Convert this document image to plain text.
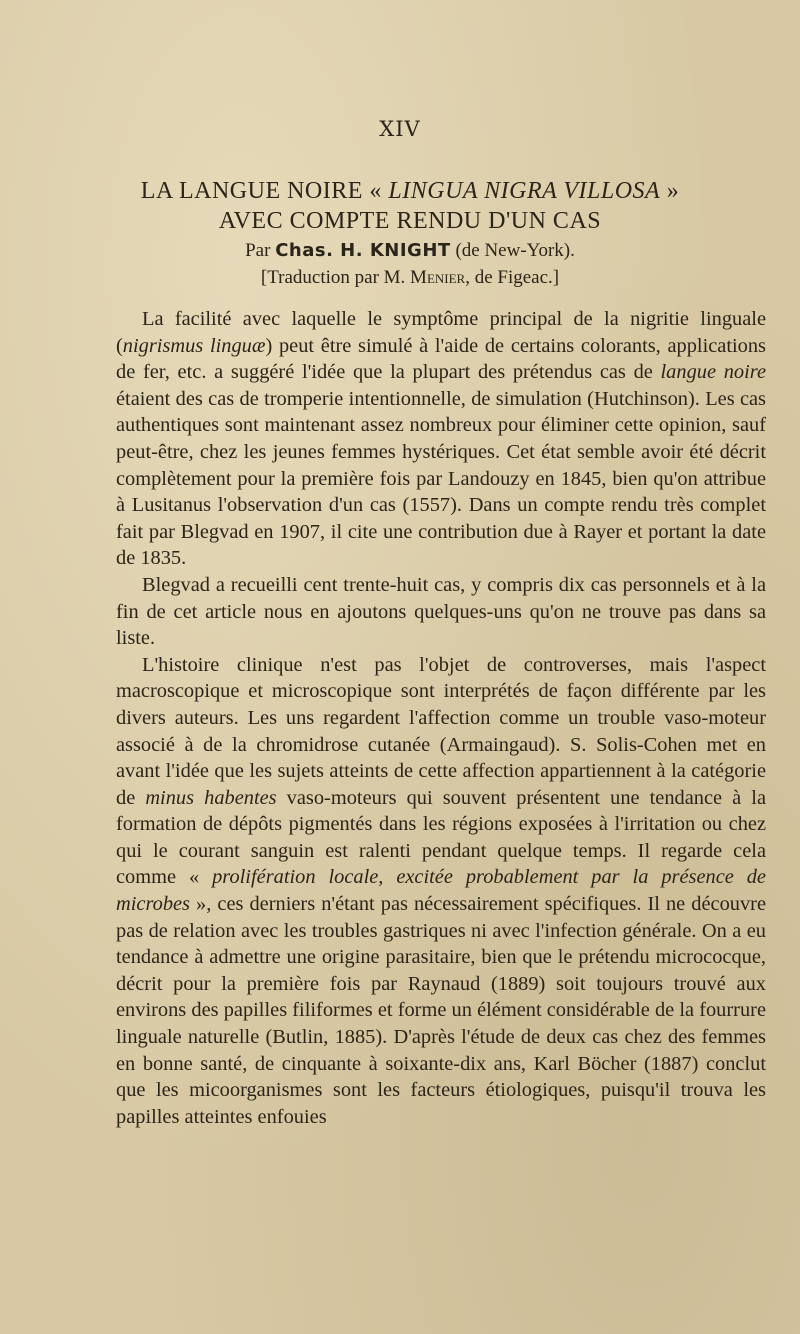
XIV
LA LANGUE NOIRE « LINGUA NIGRA VILLOSA »
AVEC COMPTE RENDU D'UN CAS
Par Chas. H. KNIGHT (de New-York).
[Traduction par M. Menier, de Figeac.]

La facilité avec laquelle le symptôme principal de la nigritie linguale (nigrismus linguæ) peut être simulé à l'aide de certains colorants, applications de fer, etc. a suggéré l'idée que la plupart des prétendus cas de langue noire étaient des cas de tromperie intentionnelle, de simulation (Hutchinson). Les cas authentiques sont maintenant assez nombreux pour éliminer cette opinion, sauf peut-être, chez les jeunes femmes hystériques. Cet état semble avoir été décrit complètement pour la première fois par Landouzy en 1845, bien qu'on attribue à Lusitanus l'observation d'un cas (1557). Dans un compte rendu très complet fait par Blegvad en 1907, il cite une contribution due à Rayer et portant la date de 1835.

Blegvad a recueilli cent trente-huit cas, y compris dix cas personnels et à la fin de cet article nous en ajoutons quelques-uns qu'on ne trouve pas dans sa liste.

L'histoire clinique n'est pas l'objet de controverses, mais l'aspect macroscopique et microscopique sont interprétés de façon différente par les divers auteurs. Les uns regardent l'affection comme un trouble vaso-moteur associé à de la chromidrose cutanée (Armaingaud). S. Solis-Cohen met en avant l'idée que les sujets atteints de cette affection appartiennent à la catégorie de minus habentes vaso-moteurs qui souvent présentent une tendance à la formation de dépôts pigmentés dans les régions exposées à l'irritation ou chez qui le courant sanguin est ralenti pendant quelque temps. Il regarde cela comme « prolifération locale, excitée probablement par la présence de microbes », ces derniers n'étant pas nécessairement spécifiques. Il ne découvre pas de relation avec les troubles gastriques ni avec l'infection générale. On a eu tendance à admettre une origine parasitaire, bien que le prétendu micrococque, décrit pour la première fois par Raynaud (1889) soit toujours trouvé aux environs des papilles filiformes et forme un élément considérable de la fourrure linguale naturelle (Butlin, 1885). D'après l'étude de deux cas chez des femmes en bonne santé, de cinquante à soixante-dix ans, Karl Böcher (1887) conclut que les micoorganismes sont les facteurs étiologiques, puisqu'il trouva les papilles atteintes enfouies
